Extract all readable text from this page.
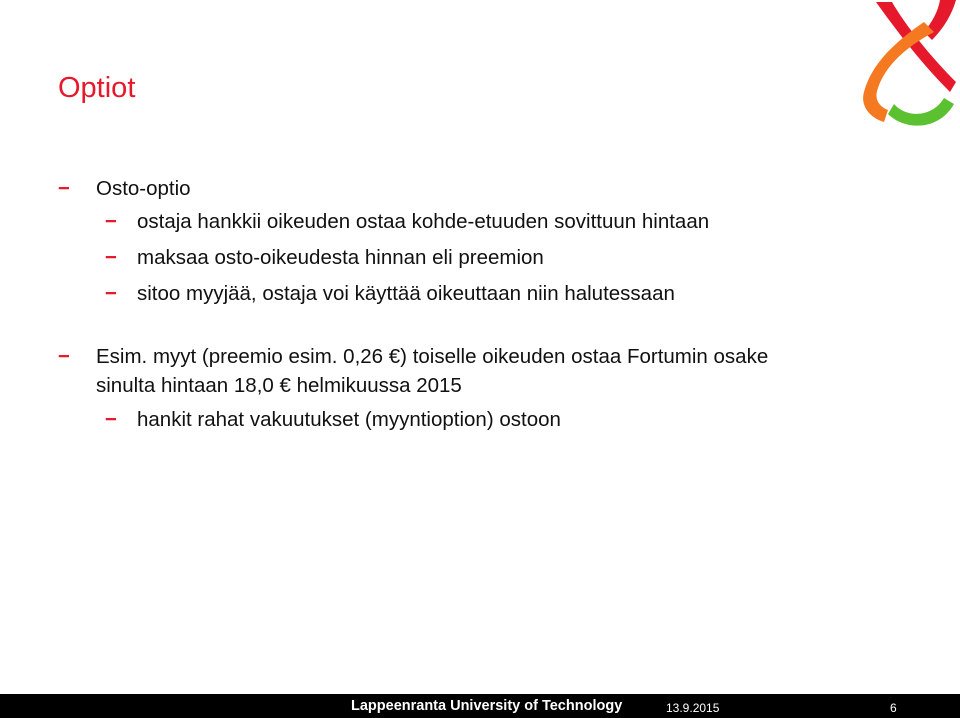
Optiot
− Osto-optio
− ostaja hankkii oikeuden ostaa kohde-etuuden sovittuun hintaan
− maksaa osto-oikeudesta hinnan eli preemion
− sitoo myyjää, ostaja voi käyttää oikeuttaan niin halutessaan
− Esim. myyt (preemio esim. 0,26 €) toiselle oikeuden ostaa Fortumin osake
sinulta hintaan 18,0 € helmikuussa 2015
− hankit rahat vakuutukset (myyntioption) ostoon
Lappeenranta University of Technology	13.9.2015	6
